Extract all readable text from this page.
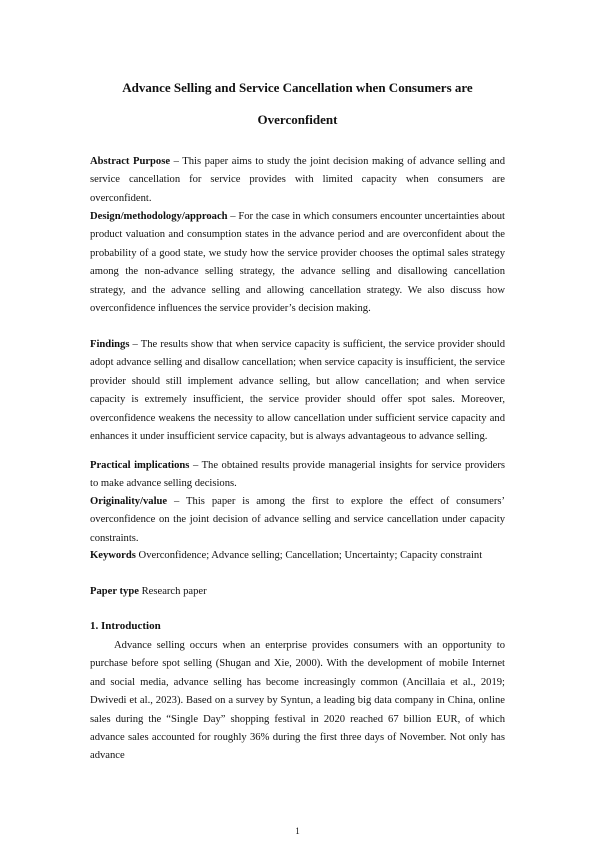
Advance Selling and Service Cancellation when Consumers are
Overconfident
Abstract Purpose – This paper aims to study the joint decision making of advance selling and service cancellation for service provides with limited capacity when consumers are overconfident.
Design/methodology/approach – For the case in which consumers encounter uncertainties about product valuation and consumption states in the advance period and are overconfident about the probability of a good state, we study how the service provider chooses the optimal sales strategy among the non-advance selling strategy, the advance selling and disallowing cancellation strategy, and the advance selling and allowing cancellation strategy. We also discuss how overconfidence influences the service provider’s decision making.
Findings – The results show that when service capacity is sufficient, the service provider should adopt advance selling and disallow cancellation; when service capacity is insufficient, the service provider should still implement advance selling, but allow cancellation; and when service capacity is extremely insufficient, the service provider should offer spot sales. Moreover, overconfidence weakens the necessity to allow cancellation under sufficient service capacity and enhances it under insufficient service capacity, but is always advantageous to advance selling.
Practical implications – The obtained results provide managerial insights for service providers to make advance selling decisions.
Originality/value – This paper is among the first to explore the effect of consumers’ overconfidence on the joint decision of advance selling and service cancellation under capacity constraints.
Keywords Overconfidence; Advance selling; Cancellation; Uncertainty; Capacity constraint
Paper type Research paper
1. Introduction
Advance selling occurs when an enterprise provides consumers with an opportunity to purchase before spot selling (Shugan and Xie, 2000). With the development of mobile Internet and social media, advance selling has become increasingly common (Ancillaia et al., 2019; Dwivedi et al., 2023). Based on a survey by Syntun, a leading big data company in China, online sales during the “Single Day” shopping festival in 2020 reached 67 billion EUR, of which advance sales accounted for roughly 36% during the first three days of November. Not only has advance
1
